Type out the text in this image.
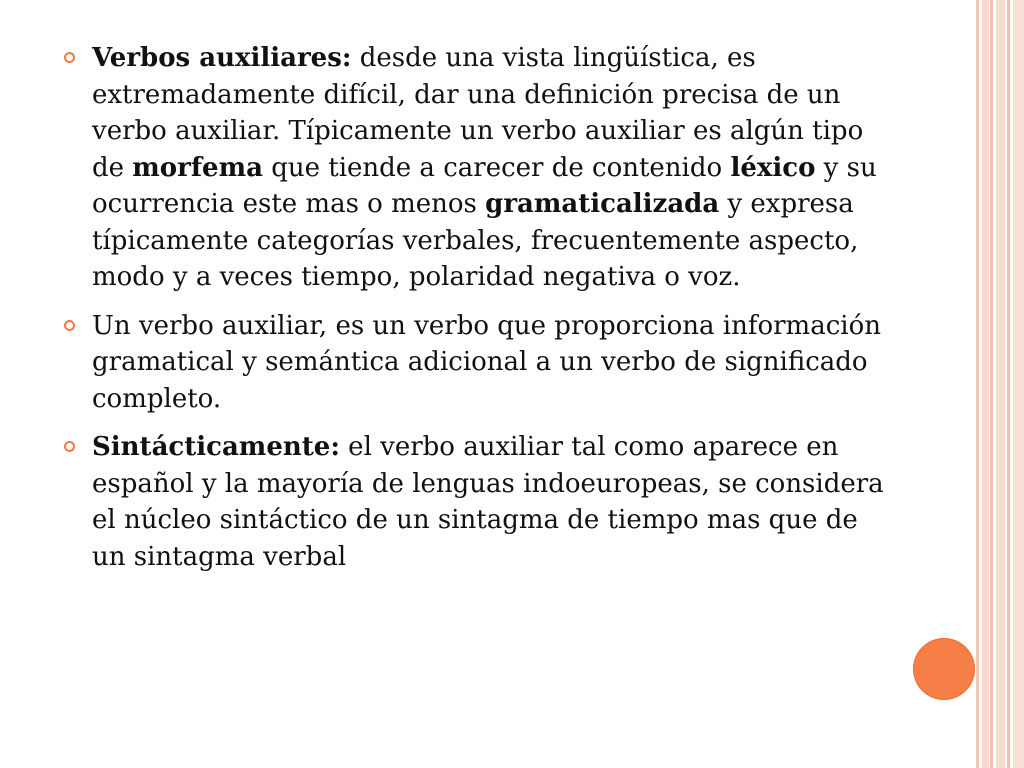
Verbos auxiliares: desde una vista lingüística, es extremadamente difícil, dar una definición precisa de un verbo auxiliar. Típicamente un verbo auxiliar es algún tipo de morfema que tiende a carecer de contenido léxico y su ocurrencia este mas o menos gramaticalizada y expresa típicamente categorías verbales, frecuentemente aspecto, modo y a veces tiempo, polaridad negativa o voz.
Un verbo auxiliar, es un verbo que proporciona información gramatical y semántica adicional a un verbo de significado completo.
Sintácticamente: el verbo auxiliar tal como aparece en español y la mayoría de lenguas indoeuropeas, se considera el núcleo sintáctico de un sintagma de tiempo mas que de un sintagma verbal
